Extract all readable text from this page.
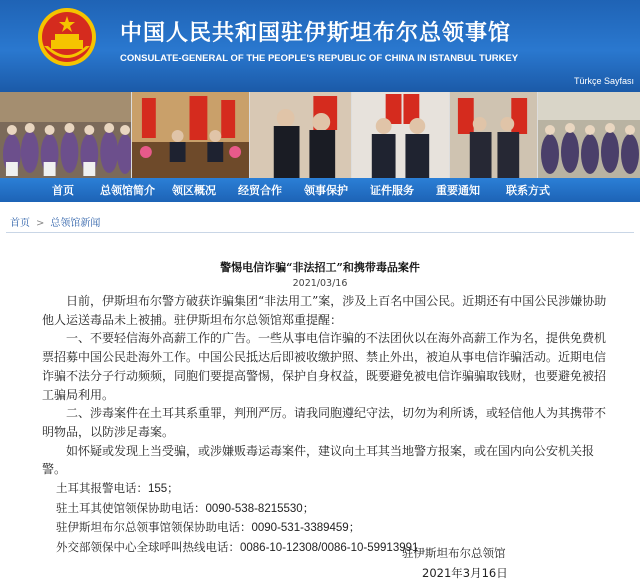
中国人民共和国驻伊斯坦布尔总领事馆
CONSULATE-GENERAL OF THE PEOPLE'S REPUBLIC OF CHINA IN ISTANBUL TURKEY
Türkçe Sayfası
首页	总领馆简介	领区概况	经贸合作	领事保护	证件服务	重要通知	联系方式
首页 > 总领馆新闻
警惕电信诈骗“非法招工”和携带毒品案件
2021/03/16

日前，伊斯坦布尔警方破获诈骗集团“非法用工”案，涉及上百名中国公民。近期还有中国公民涉嫌协助他人运送毒品未上被捕。驻伊斯坦布尔总领馆郑重提醒：

一、不要轻信海外高薪工作的广告。一些从事电信诈骗的不法团伙以在海外高薪工作为名，提供免费机票招募中国公民赴海外工作。中国公民抵达后即被收缴护照、禁止外出，被迫从事电信诈骗活动。近期电信诈骗不法分子行动频频，同胞们要提高警惕，保护自身权益，既要避免被电信诈骗骗取钱财，也要避免被招工骗局利用。

二、涉毒案件在土耳其系重罪，判刑严厉。请我同胞遵纪守法，切勿为利所诱，或轻信他人为其携带不明物品，以防涉足毒案。

如怀疑或发现上当受骗，或涉嫌贩毒运毒案件，建议向土耳其当地警方报案，或在国内向公安机关报警。

土耳其报警电话：155；
驻土耳其使馆领保协助电话：0090-538-8215530；
驻伊斯坦布尔总领事馆领保协助电话：0090-531-3389459；
外交部领保中心全球呼叫热线电话：0086-10-12308/0086-10-59913991
驻伊斯坦布尔总领馆
2021年3月16日
